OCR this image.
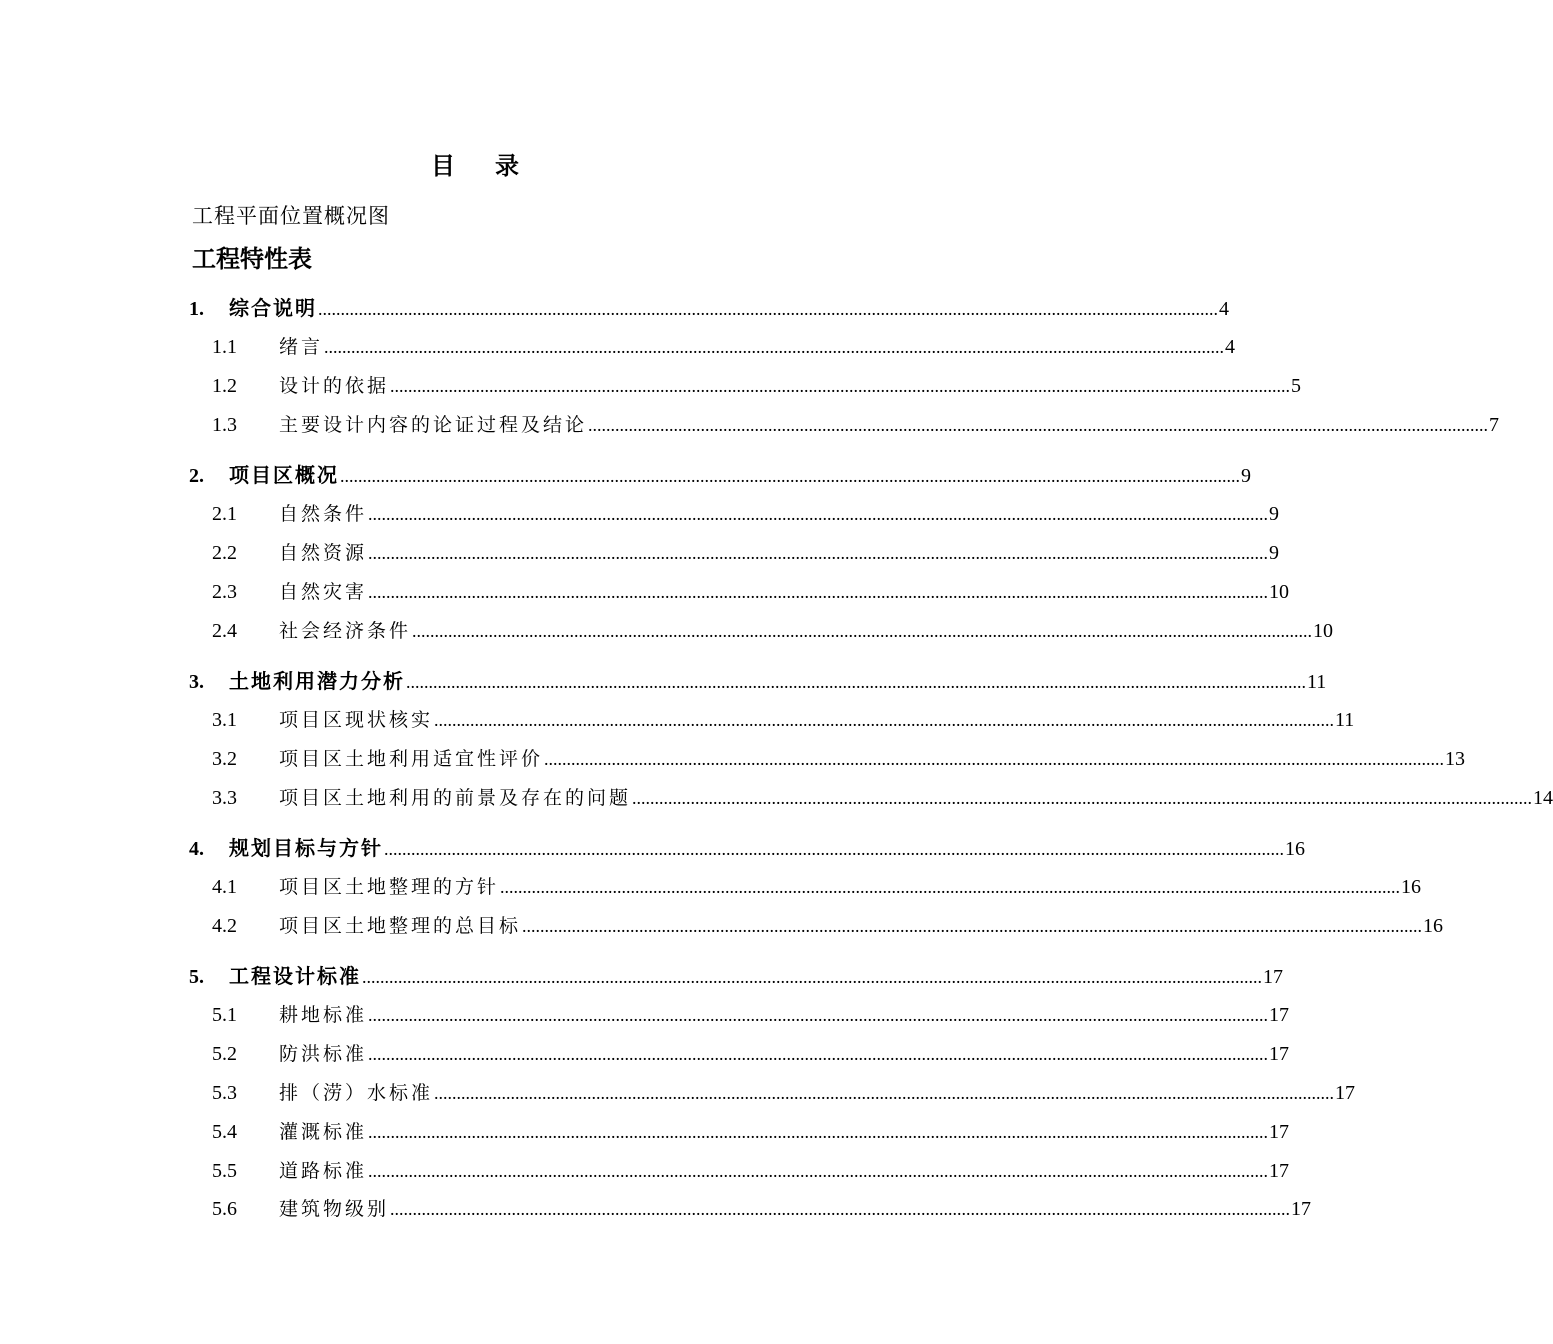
目 录
工程平面位置概况图
工程特性表
1.	综合说明 ........................................................................................................................................................................................................ 4
1.1	绪言 ........................................................................................................................................................................................................ 4
1.2	设计的依据 ........................................................................................................................................................................................................ 5
1.3	主要设计内容的论证过程及结论 ........................................................................................................................................................................................................ 7
2.	项目区概况 ........................................................................................................................................................................................................ 9
2.1	自然条件 ........................................................................................................................................................................................................ 9
2.2	自然资源 ........................................................................................................................................................................................................ 9
2.3	自然灾害 ........................................................................................................................................................................................................ 10
2.4	社会经济条件 ........................................................................................................................................................................................................ 10
3.	土地利用潜力分析 ........................................................................................................................................................................................................ 11
3.1	项目区现状核实 ........................................................................................................................................................................................................ 11
3.2	项目区土地利用适宜性评价 ........................................................................................................................................................................................................ 13
3.3	项目区土地利用的前景及存在的问题 ........................................................................................................................................................................................................ 14
4.	规划目标与方针 ........................................................................................................................................................................................................ 16
4.1	项目区土地整理的方针 ........................................................................................................................................................................................................ 16
4.2	项目区土地整理的总目标 ........................................................................................................................................................................................................ 16
5.	工程设计标准 ........................................................................................................................................................................................................ 17
5.1	耕地标准 ........................................................................................................................................................................................................ 17
5.2	防洪标准 ........................................................................................................................................................................................................ 17
5.3	排（涝）水标准 ........................................................................................................................................................................................................ 17
5.4	灌溉标准 ........................................................................................................................................................................................................ 17
5.5	道路标准 ........................................................................................................................................................................................................ 17
5.6	建筑物级别 ........................................................................................................................................................................................................ 17
